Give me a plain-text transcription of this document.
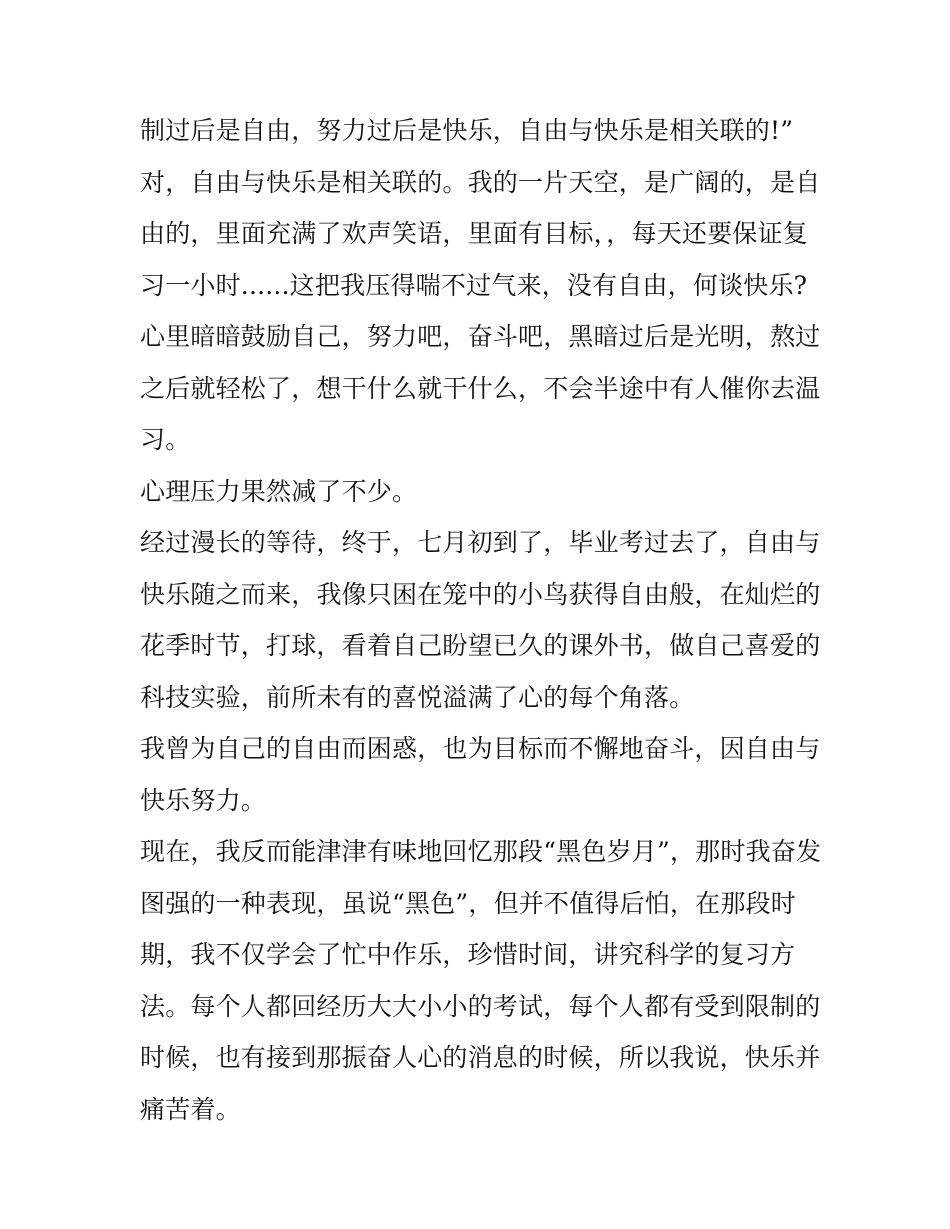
制过后是自由，努力过后是快乐，自由与快乐是相关联的!”
对，自由与快乐是相关联的。我的一片天空，是广阔的，是自
由的，里面充满了欢声笑语，里面有目标，，每天还要保证复
习一小时......这把我压得喘不过气来，没有自由，何谈快乐?
心里暗暗鼓励自己，努力吧，奋斗吧，黑暗过后是光明，熬过
之后就轻松了，想干什么就干什么，不会半途中有人催你去温
习。
心理压力果然减了不少。
经过漫长的等待，终于，七月初到了，毕业考过去了，自由与
快乐随之而来，我像只困在笼中的小鸟获得自由般，在灿烂的
花季时节，打球，看着自己盼望已久的课外书，做自己喜爱的
科技实验，前所未有的喜悦溢满了心的每个角落。
我曾为自己的自由而困惑，也为目标而不懈地奋斗，因自由与
快乐努力。
现在，我反而能津津有味地回忆那段“黑色岁月”，那时我奋发
图强的一种表现，虽说“黑色”，但并不值得后怕，在那段时
期，我不仅学会了忙中作乐，珍惜时间，讲究科学的复习方
法。每个人都回经历大大小小的考试，每个人都有受到限制的
时候，也有接到那振奋人心的消息的时候，所以我说，快乐并
痛苦着。
